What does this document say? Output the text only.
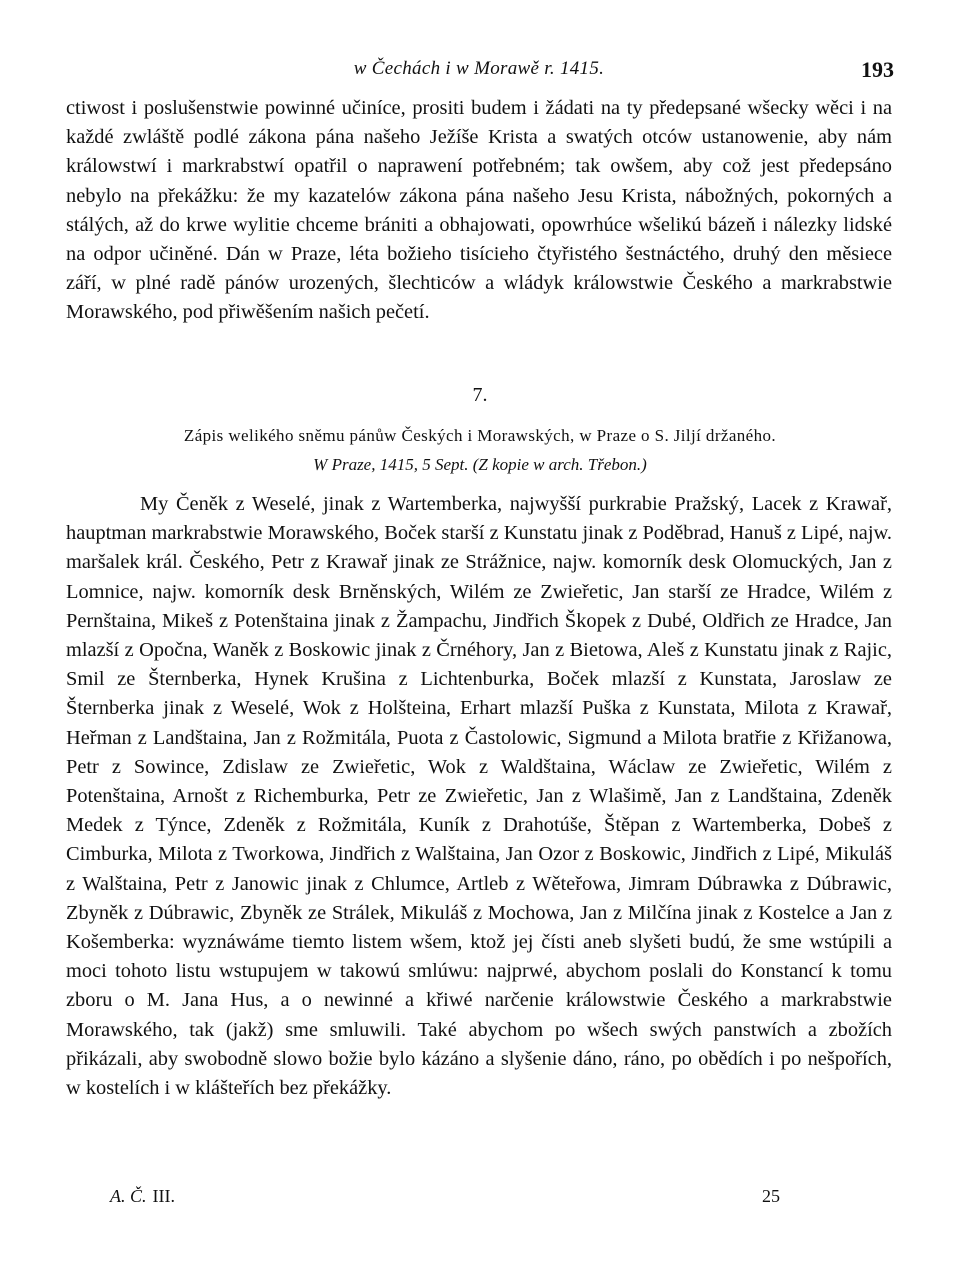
w Čechách i w Morawě r. 1415.	193

ctiwost i poslušenstwie powinné učiníce, prositi budem i žádati na ty předepsané wšecky wěci i na každé zwláště podlé zákona pána našeho Ježíše Krista a swatých otców ustanowenie, aby nám králowstwí i markrabstwí opatřil o naprawení potřebném; tak owšem, aby což jest předepsáno nebylo na překážku: že my kazatelów zákona pána našeho Jesu Krista, nábožných, pokorných a stálých, až do krwe wylitie chceme brániti a obhajowati, opowrhúce wšelikú bázeň i nálezky lidské na odpor učiněné. Dán w Praze, léta božieho tisícieho čtyřistého šestnáctého, druhý den měsiece září, w plné radě pánów urozených, šlechticów a wládyk králowstwie Českého a markrabstwie Morawského, pod přiwěšením našich pečetí.

7.
Zápis welikého sněmu pánůw Českých i Morawských, w Praze o S. Jiljí držaného.
W Praze, 1415, 5 Sept. (Z kopie w arch. Třebon.)

My Čeněk z Weselé, jinak z Wartemberka, najwyšší purkrabie Pražský, Lacek z Krawař, hauptman markrabstwie Morawského, Boček starší z Kunstatu jinak z Poděbrad, Hanuš z Lipé, najw. maršalek král. Českého, Petr z Krawař jinak ze Strážnice, najw. komorník desk Olomuckých, Jan z Lomnice, najw. komorník desk Brněnských, Wilém ze Zwieřetic, Jan starší ze Hradce, Wilém z Pernštaina, Mikeš z Potenštaina jinak z Žampachu, Jindřich Škopek z Dubé, Oldřich ze Hradce, Jan mlazší z Opočna, Waněk z Boskowic jinak z Črnéhory, Jan z Bietowa, Aleš z Kunstatu jinak z Rajic, Smil ze Šternberka, Hynek Krušina z Lichtenburka, Boček mlazší z Kunstata, Jaroslaw ze Šternberka jinak z Weselé, Wok z Holšteina, Erhart mlazší Puška z Kunstata, Milota z Krawař, Heřman z Landštaina, Jan z Rožmitála, Puota z Častolowic, Sigmund a Milota bratřie z Křižanowa, Petr z Sowince, Zdislaw ze Zwieřetic, Wok z Waldštaina, Wáclaw ze Zwieřetic, Wilém z Potenštaina, Arnošt z Richemburka, Petr ze Zwieřetic, Jan z Wlašimě, Jan z Landštaina, Zdeněk Medek z Týnce, Zdeněk z Rožmitála, Kuník z Drahotúše, Štěpan z Wartemberka, Dobeš z Cimburka, Milota z Tworkowa, Jindřich z Walštaina, Jan Ozor z Boskowic, Jindřich z Lipé, Mikuláš z Walštaina, Petr z Janowic jinak z Chlumce, Artleb z Wěteřowa, Jimram Dúbrawka z Dúbrawic, Zbyněk z Dúbrawic, Zbyněk ze Strálek, Mikuláš z Mochowa, Jan z Milčína jinak z Kostelce a Jan z Košemberka: wyznáwáme tiemto listem wšem, ktož jej čísti aneb slyšeti budú, že sme wstúpili a moci tohoto listu wstupujem w takowú smlúwu: najprwé, abychom poslali do Konstancí k tomu zboru o M. Jana Hus, a o newinné a křiwé narčenie králowstwie Českého a markrabstwie Morawského, tak (jakž) sme smluwili. Také abychom po wšech swých panstwích a zbožích přikázali, aby swobodně slowo božie bylo kázáno a slyšenie dáno, ráno, po obědích i po nešpořích, w kostelích i w klášteřích bez překážky.

A. Č. III.	25
